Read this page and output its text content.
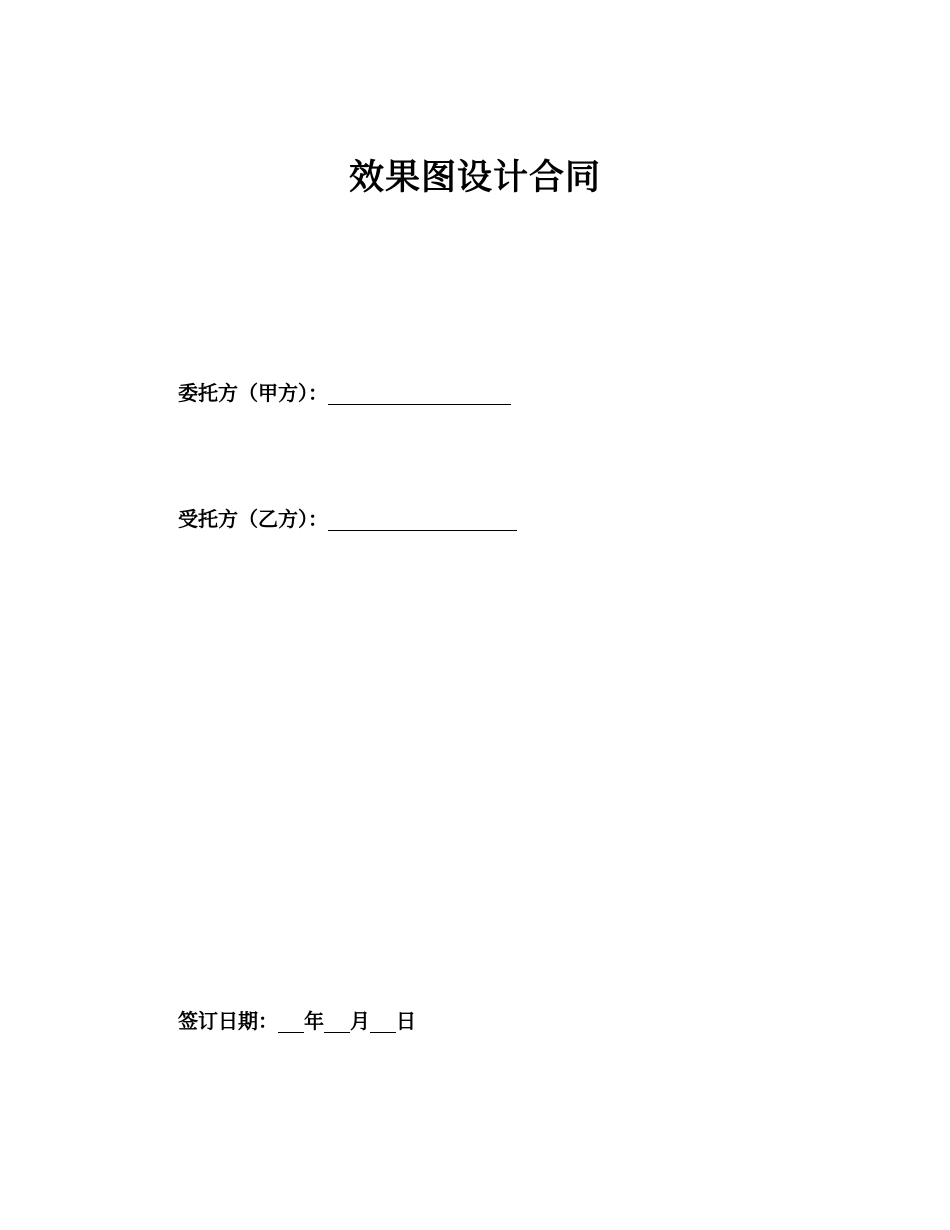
效果图设计合同
委托方（甲方）：
受托方（乙方）：
签订日期： 年 月 日
